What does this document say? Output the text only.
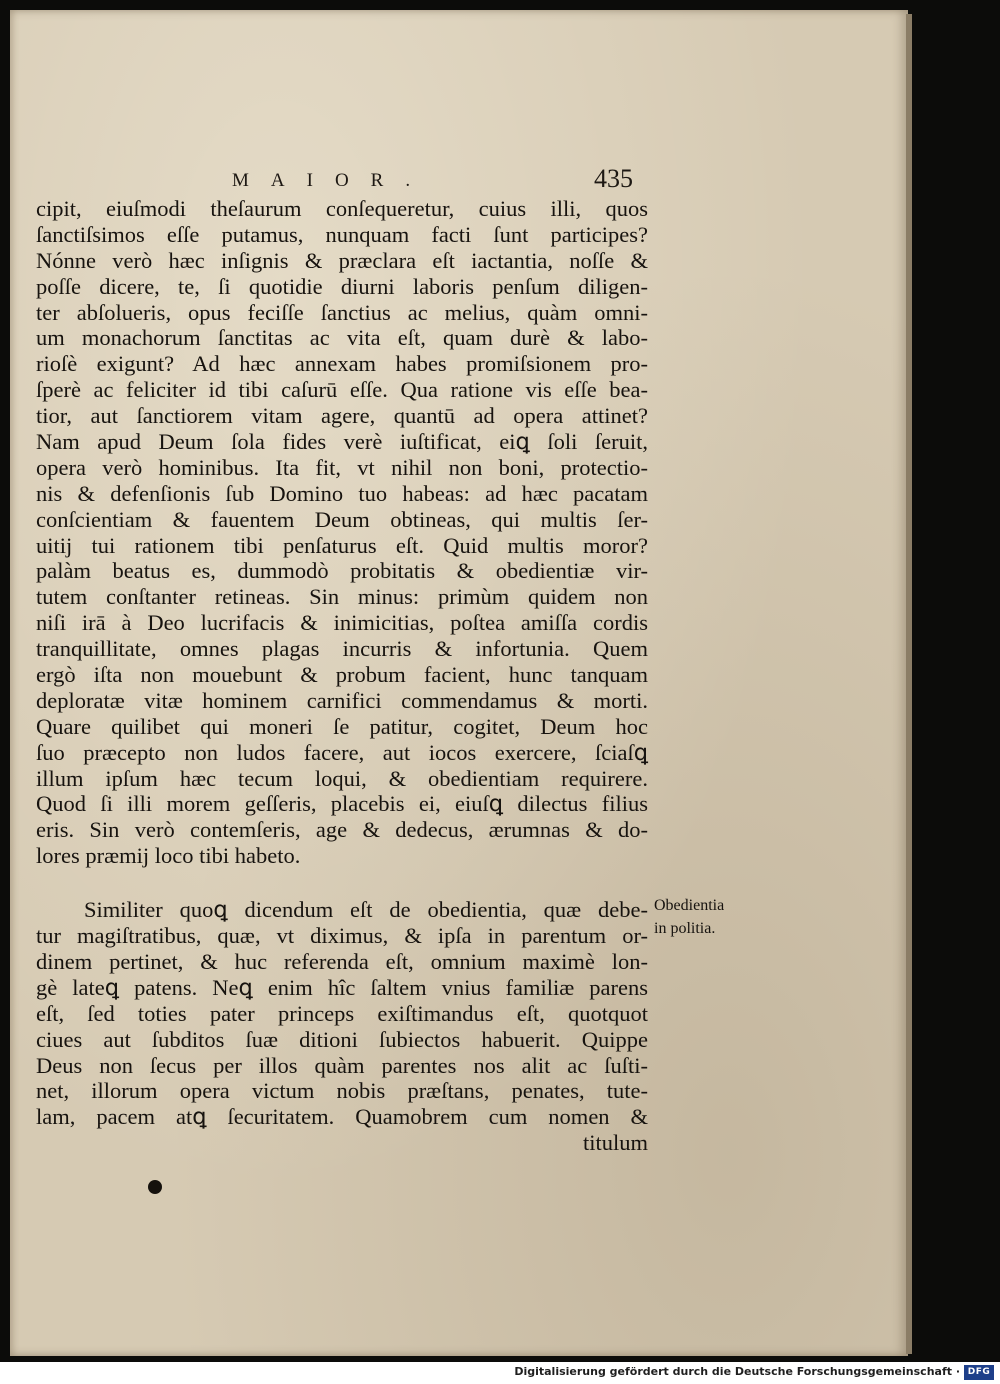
MAIOR.	435
cipit, eiuſmodi theſaurum conſequeretur, cuius illi, quos
ſanctiſsimos eſſe putamus, nunquam facti ſunt participes?
Nónne verò hæc inſignis & præclara eſt iactantia, noſſe &
poſſe dicere, te, ſi quotidie diurni laboris penſum diligen-
ter abſolueris, opus feciſſe ſanctius ac melius, quàm omni-
um monachorum ſanctitas ac vita eſt, quam durè & labo-
rioſè exigunt? Ad hæc annexam habes promiſsionem pro-
ſperè ac feliciter id tibi caſurū eſſe. Qua ratione vis eſſe bea-
tior, aut ſanctiorem vitam agere, quantū ad opera attinet?
Nam apud Deum ſola fides verè iuſtificat, eiꝗ ſoli ſeruit,
opera verò hominibus. Ita fit, vt nihil non boni, protectio-
nis & defenſionis ſub Domino tuo habeas: ad hæc pacatam
conſcientiam & fauentem Deum obtineas, qui multis ſer-
uitij tui rationem tibi penſaturus eſt. Quid multis moror?
palàm beatus es, dummodò probitatis & obedientiæ vir-
tutem conſtanter retineas. Sin minus: primùm quidem non
niſi irā à Deo lucrifacis & inimicitias, poſtea amiſſa cordis
tranquillitate, omnes plagas incurris & infortunia. Quem
ergò iſta non mouebunt & probum facient, hunc tanquam
deploratæ vitæ hominem carnifici commendamus & morti.
Quare quilibet qui moneri ſe patitur, cogitet, Deum hoc
ſuo præcepto non ludos facere, aut iocos exercere, ſciaſꝗ
illum ipſum hæc tecum loqui, & obedientiam requirere.
Quod ſi illi morem geſſeris, placebis ei, eiuſꝗ dilectus filius
eris. Sin verò contemſeris, age & dedecus, ærumnas & do-
lores præmij loco tibi habeto.
Similiter quoꝗ dicendum eſt de obedientia, quæ debe-
tur magiſtratibus, quæ, vt diximus, & ipſa in parentum or-
dinem pertinet, & huc referenda eſt, omnium maximè lon-
gè lateꝗ patens. Neꝗ enim hîc ſaltem vnius familiæ parens
eſt, ſed toties pater princeps exiſtimandus eſt, quotquot
ciues aut ſubditos ſuæ ditioni ſubiectos habuerit. Quippe
Deus non ſecus per illos quàm parentes nos alit ac ſuſti-
net, illorum opera victum nobis præſtans, penates, tute-
lam, pacem atꝗ ſecuritatem. Quamobrem cum nomen &
titulum
Obedientia
in politia.
Digitalisierung gefördert durch die Deutsche Forschungsgemeinschaft · DFG
